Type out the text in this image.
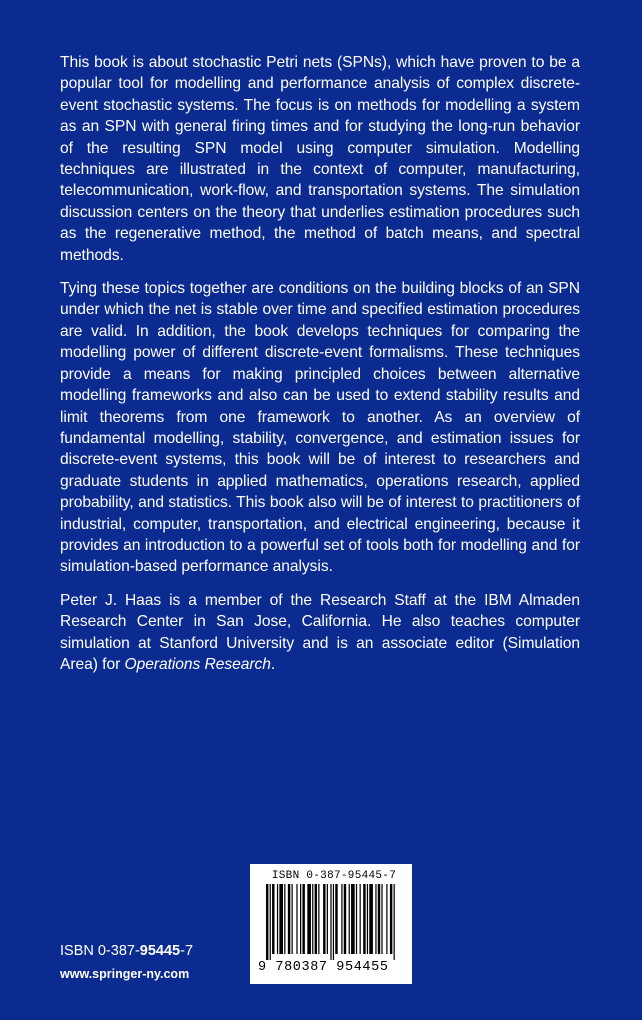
This book is about stochastic Petri nets (SPNs), which have proven to be a popular tool for modelling and performance analysis of complex discrete-event stochastic systems. The focus is on methods for modelling a system as an SPN with general firing times and for studying the long-run behavior of the resulting SPN model using computer simulation. Modelling techniques are illustrated in the context of computer, manufacturing, telecommunication, work-flow, and transportation systems. The simulation discussion centers on the theory that underlies estimation procedures such as the regenerative method, the method of batch means, and spectral methods.

Tying these topics together are conditions on the building blocks of an SPN under which the net is stable over time and specified estimation procedures are valid. In addition, the book develops techniques for comparing the modelling power of different discrete-event formalisms. These techniques provide a means for making principled choices between alternative modelling frameworks and also can be used to extend stability results and limit theorems from one framework to another. As an overview of fundamental modelling, stability, convergence, and estimation issues for discrete-event systems, this book will be of interest to researchers and graduate students in applied mathematics, operations research, applied probability, and statistics. This book also will be of interest to practitioners of industrial, computer, transportation, and electrical engineering, because it provides an introduction to a powerful set of tools both for modelling and for simulation-based performance analysis.

Peter J. Haas is a member of the Research Staff at the IBM Almaden Research Center in San Jose, California. He also teaches computer simulation at Stanford University and is an associate editor (Simulation Area) for Operations Research.

ISBN 0-387-95445-7
www.springer-ny.com
ISBN 0-387-95445-7
9 780387 954455
